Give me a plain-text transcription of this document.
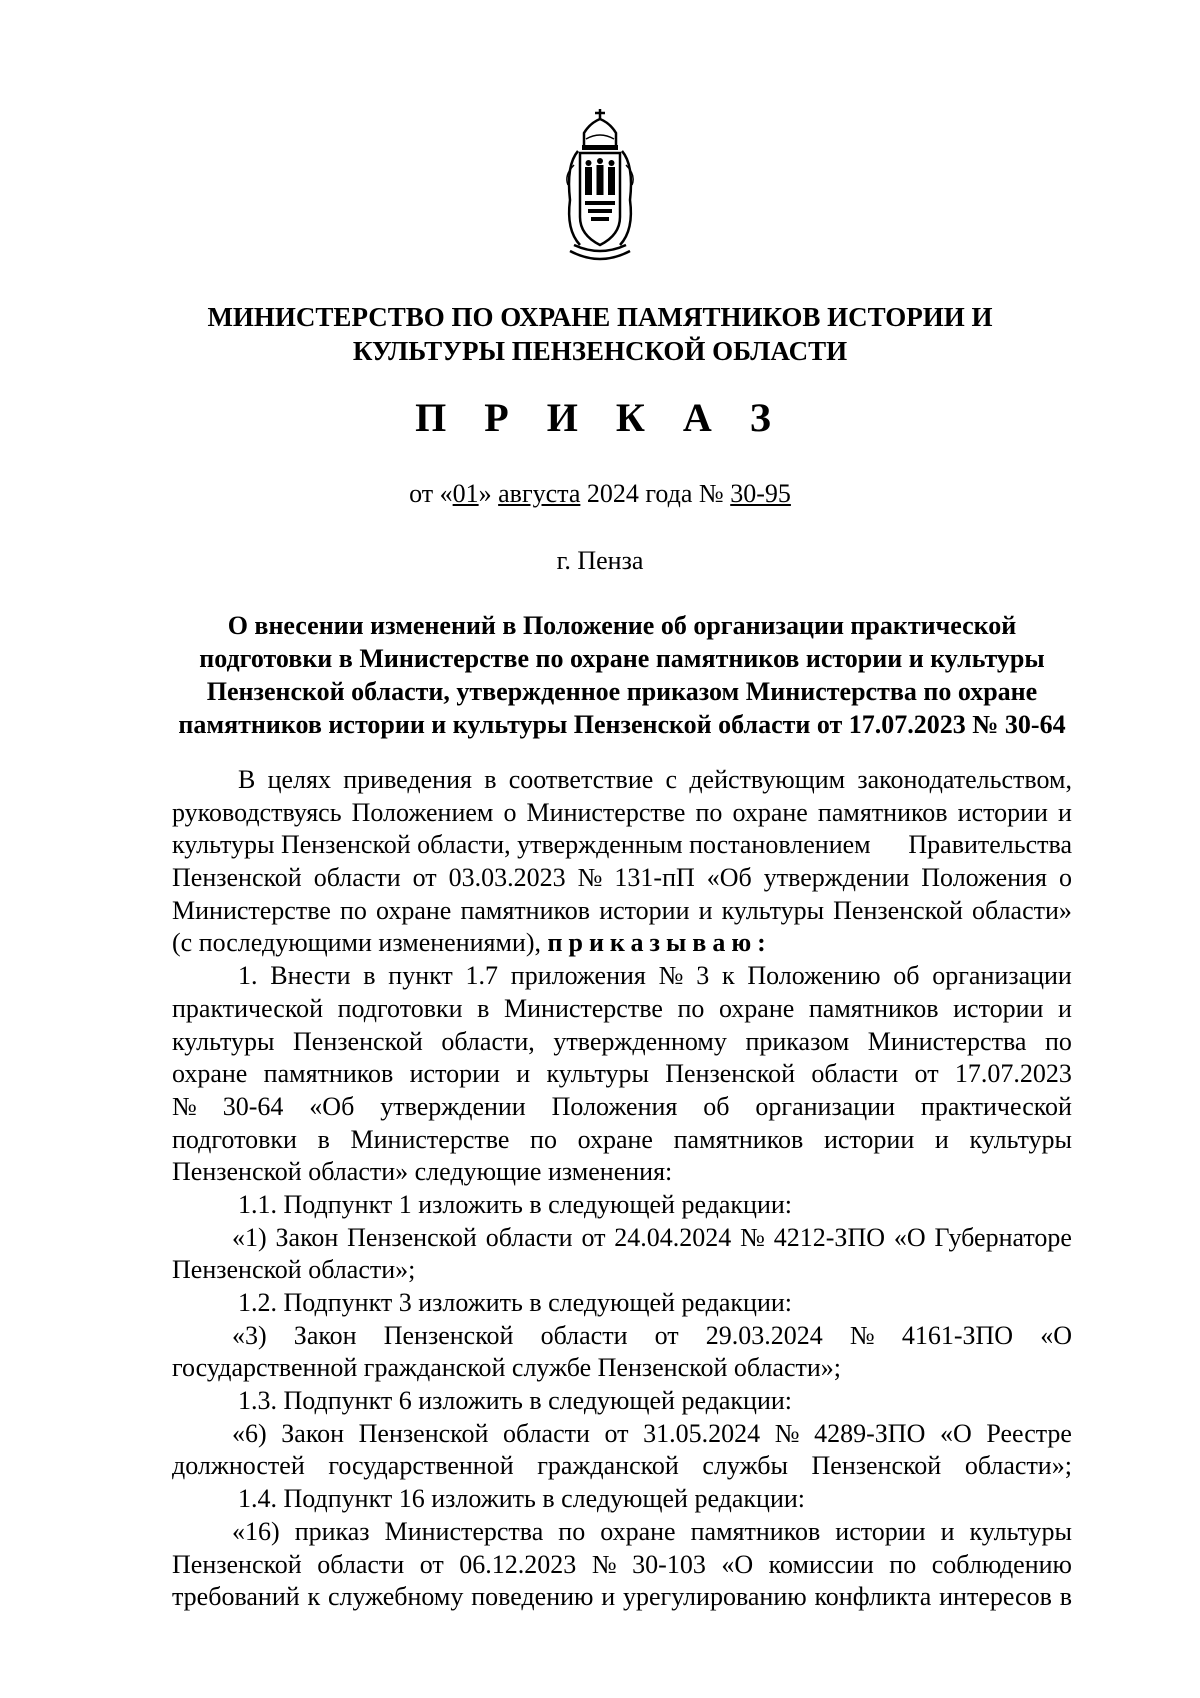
МИНИСТЕРСТВО ПО ОХРАНЕ ПАМЯТНИКОВ ИСТОРИИ И
КУЛЬТУРЫ ПЕНЗЕНСКОЙ ОБЛАСТИ
П Р И К А З
от «01» августа 2024 года № 30-95
г. Пенза
О внесении изменений в Положение об организации практической
подготовки в Министерстве по охране памятников истории и культуры
Пензенской области, утвержденное приказом Министерства по охране
памятников истории и культуры Пензенской области от 17.07.2023 № 30-64
В целях приведения в соответствие с действующим законодательством,
руководствуясь Положением о Министерстве по охране памятников истории и
культуры Пензенской области, утвержденным постановлением Правительства
Пензенской области от 03.03.2023 № 131-пП «Об утверждении Положения о
Министерстве по охране памятников истории и культуры Пензенской области»
(с последующими изменениями), приказываю:
1. Внести в пункт 1.7 приложения № 3 к Положению об организации
практической подготовки в Министерстве по охране памятников истории и
культуры Пензенской области, утвержденному приказом Министерства по
охране памятников истории и культуры Пензенской области от 17.07.2023
№ 30-64 «Об утверждении Положения об организации практической
подготовки в Министерстве по охране памятников истории и культуры
Пензенской области» следующие изменения:
1.1. Подпункт 1 изложить в следующей редакции:
«1) Закон Пензенской области от 24.04.2024 № 4212-ЗПО «О Губернаторе
Пензенской области»;
1.2. Подпункт 3 изложить в следующей редакции:
«3) Закон Пензенской области от 29.03.2024 № 4161-ЗПО «О
государственной гражданской службе Пензенской области»;
1.3. Подпункт 6 изложить в следующей редакции:
«6) Закон Пензенской области от 31.05.2024 № 4289-ЗПО «О Реестре
должностей государственной гражданской службы Пензенской области»;
1.4. Подпункт 16 изложить в следующей редакции:
«16) приказ Министерства по охране памятников истории и культуры
Пензенской области от 06.12.2023 № 30-103 «О комиссии по соблюдению
требований к служебному поведению и урегулированию конфликта интересов в
